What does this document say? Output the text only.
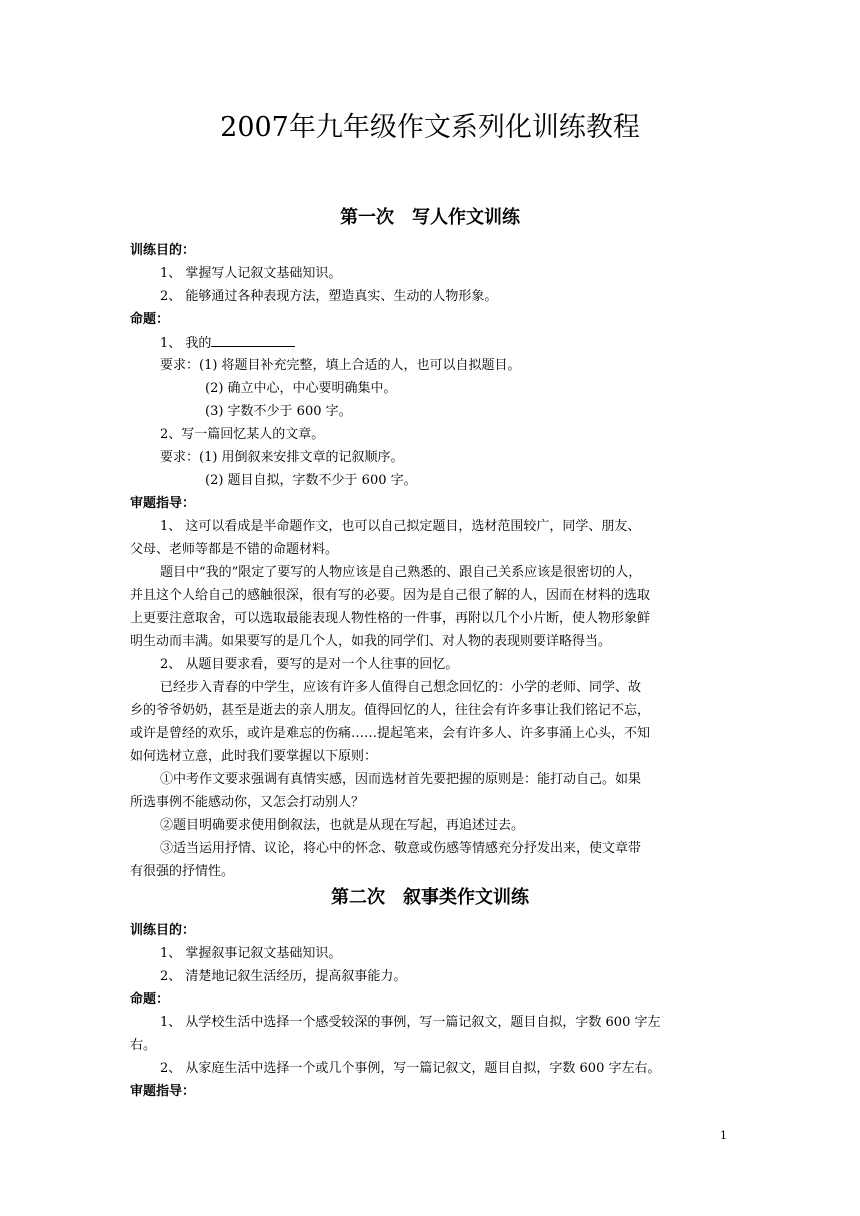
2007年九年级作文系列化训练教程
第一次　写人作文训练
训练目的：
1、 掌握写人记叙文基础知识。
2、 能够通过各种表现方法，塑造真实、生动的人物形象。
命题：
1、 我的
要求：(1) 将题目补充完整，填上合适的人，也可以自拟题目。
(2) 确立中心，中心要明确集中。
(3) 字数不少于 600 字。
2、写一篇回忆某人的文章。
要求：(1) 用倒叙来安排文章的记叙顺序。
(2) 题目自拟，字数不少于 600 字。
审题指导：
1、 这可以看成是半命题作文，也可以自己拟定题目，选材范围较广，同学、朋友、
父母、老师等都是不错的命题材料。
题目中“我的”限定了要写的人物应该是自己熟悉的、跟自己关系应该是很密切的人，
并且这个人给自己的感触很深，很有写的必要。因为是自己很了解的人，因而在材料的选取
上更要注意取舍，可以选取最能表现人物性格的一件事，再附以几个小片断，使人物形象鲜
明生动而丰满。如果要写的是几个人，如我的同学们、对人物的表现则要详略得当。
2、 从题目要求看，要写的是对一个人往事的回忆。
已经步入青春的中学生，应该有许多人值得自己想念回忆的：小学的老师、同学、故
乡的爷爷奶奶，甚至是逝去的亲人朋友。值得回忆的人，往往会有许多事让我们铭记不忘，
或许是曾经的欢乐，或许是难忘的伤痛……提起笔来，会有许多人、许多事涌上心头，不知
如何选材立意，此时我们要掌握以下原则：
①中考作文要求强调有真情实感，因而选材首先要把握的原则是：能打动自己。如果
所选事例不能感动你，又怎会打动别人？
②题目明确要求使用倒叙法，也就是从现在写起，再追述过去。
③适当运用抒情、议论，将心中的怀念、敬意或伤感等情感充分抒发出来，使文章带
有很强的抒情性。
第二次　叙事类作文训练
训练目的：
1、 掌握叙事记叙文基础知识。
2、 清楚地记叙生活经历，提高叙事能力。
命题：
1、 从学校生活中选择一个感受较深的事例，写一篇记叙文，题目自拟，字数 600 字左
右。
2、 从家庭生活中选择一个或几个事例，写一篇记叙文，题目自拟，字数 600 字左右。
审题指导：
1
